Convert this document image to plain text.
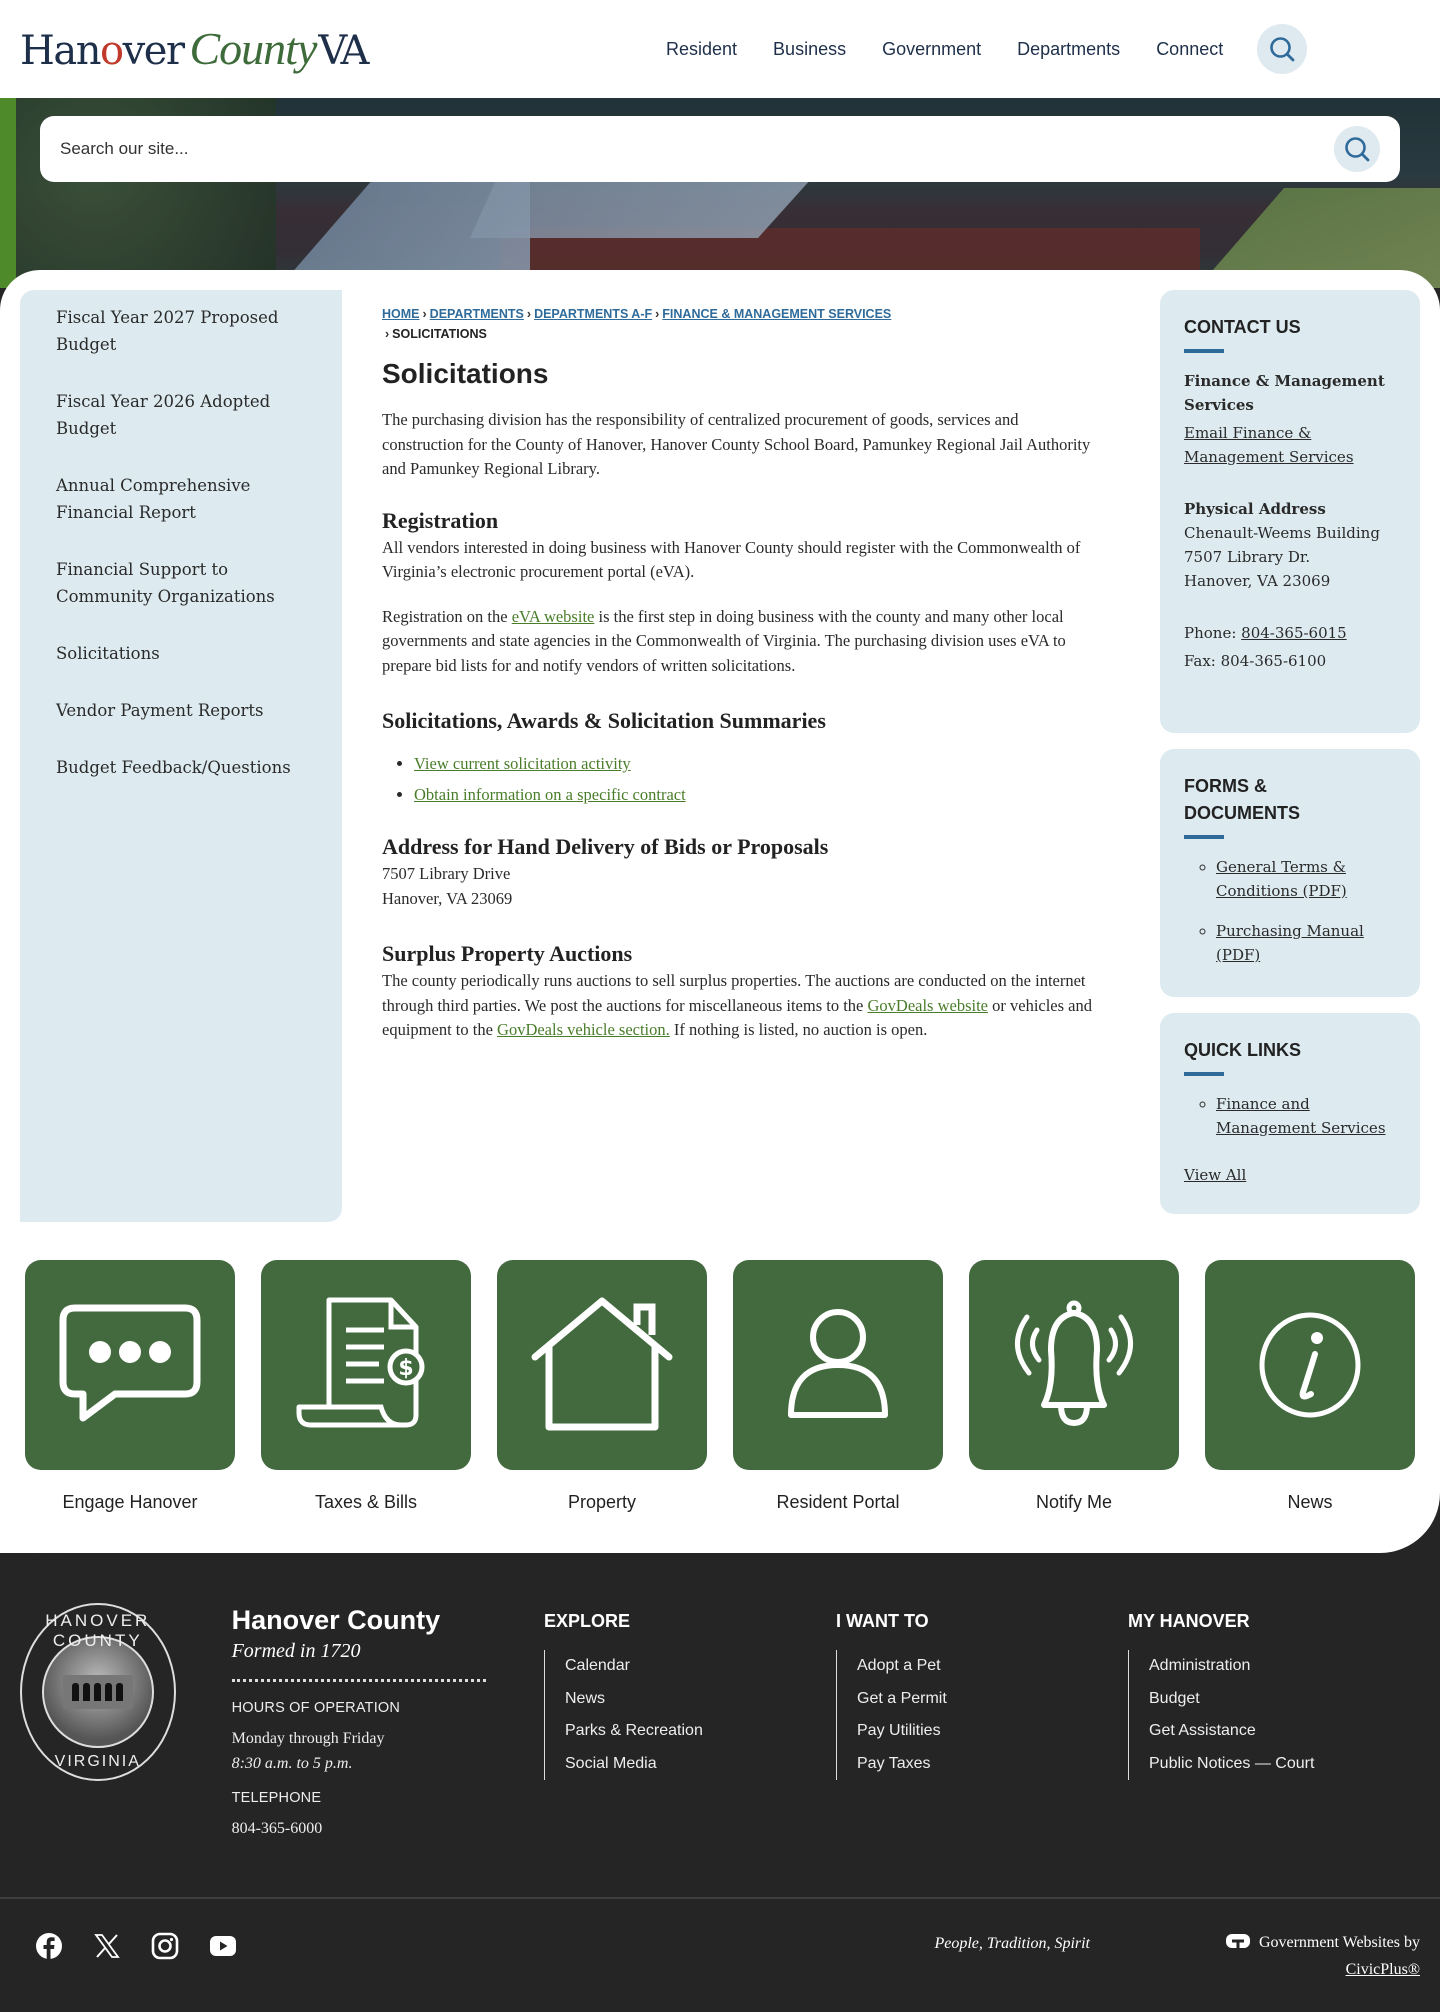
Hanover County VA	Resident	Business	Government	Departments	Connect
Search our site...
Fiscal Year 2027 Proposed Budget
Fiscal Year 2026 Adopted Budget
Annual Comprehensive Financial Report
Financial Support to Community Organizations
Solicitations
Vendor Payment Reports
Budget Feedback/Questions
HOME › DEPARTMENTS › DEPARTMENTS A-F › FINANCE & MANAGEMENT SERVICES
› SOLICITATIONS
Solicitations

The purchasing division has the responsibility of centralized procurement of goods, services and construction for the County of Hanover, Hanover County School Board, Pamunkey Regional Jail Authority and Pamunkey Regional Library.

Registration

All vendors interested in doing business with Hanover County should register with the Commonwealth of Virginia’s electronic procurement portal (eVA).

Registration on the eVA website is the first step in doing business with the county and many other local governments and state agencies in the Commonwealth of Virginia. The purchasing division uses eVA to prepare bid lists for and notify vendors of written solicitations.

Solicitations, Awards & Solicitation Summaries
• View current solicitation activity
• Obtain information on a specific contract
Address for Hand Delivery of Bids or Proposals

7507 Library Drive

Hanover, VA 23069

Surplus Property Auctions

The county periodically runs auctions to sell surplus properties. The auctions are conducted on the internet through third parties. We post the auctions for miscellaneous items to the GovDeals website or vehicles and equipment to the GovDeals vehicle section. If nothing is listed, no auction is open.

CONTACT US
Finance & Management Services
Email Finance & Management Services
Physical Address
Chenault-Weems Building
7507 Library Dr.
Hanover, VA 23069
Phone: 804-365-6015
Fax: 804-365-6100
FORMS & DOCUMENTS
◦ General Terms & Conditions (PDF)
◦ Purchasing Manual (PDF)
QUICK LINKS
◦ Finance and Management Services
View All
Engage Hanover
$
Taxes & Bills	Property	Resident Portal	Notify Me	News
HANOVER COUNTY
VIRGINIA
Hanover County
Formed in 1720
HOURS OF OPERATION
Monday through Friday
8:30 a.m. to 5 p.m.
TELEPHONE
804-365-6000
EXPLORE
Calendar
News
Parks & Recreation
Social Media
I WANT TO
Adopt a Pet
Get a Permit
Pay Utilities
Pay Taxes
MY HANOVER
Administration
Budget
Get Assistance
Public Notices — Court
People, Tradition, Spirit	Government Websites by
CivicPlus®
